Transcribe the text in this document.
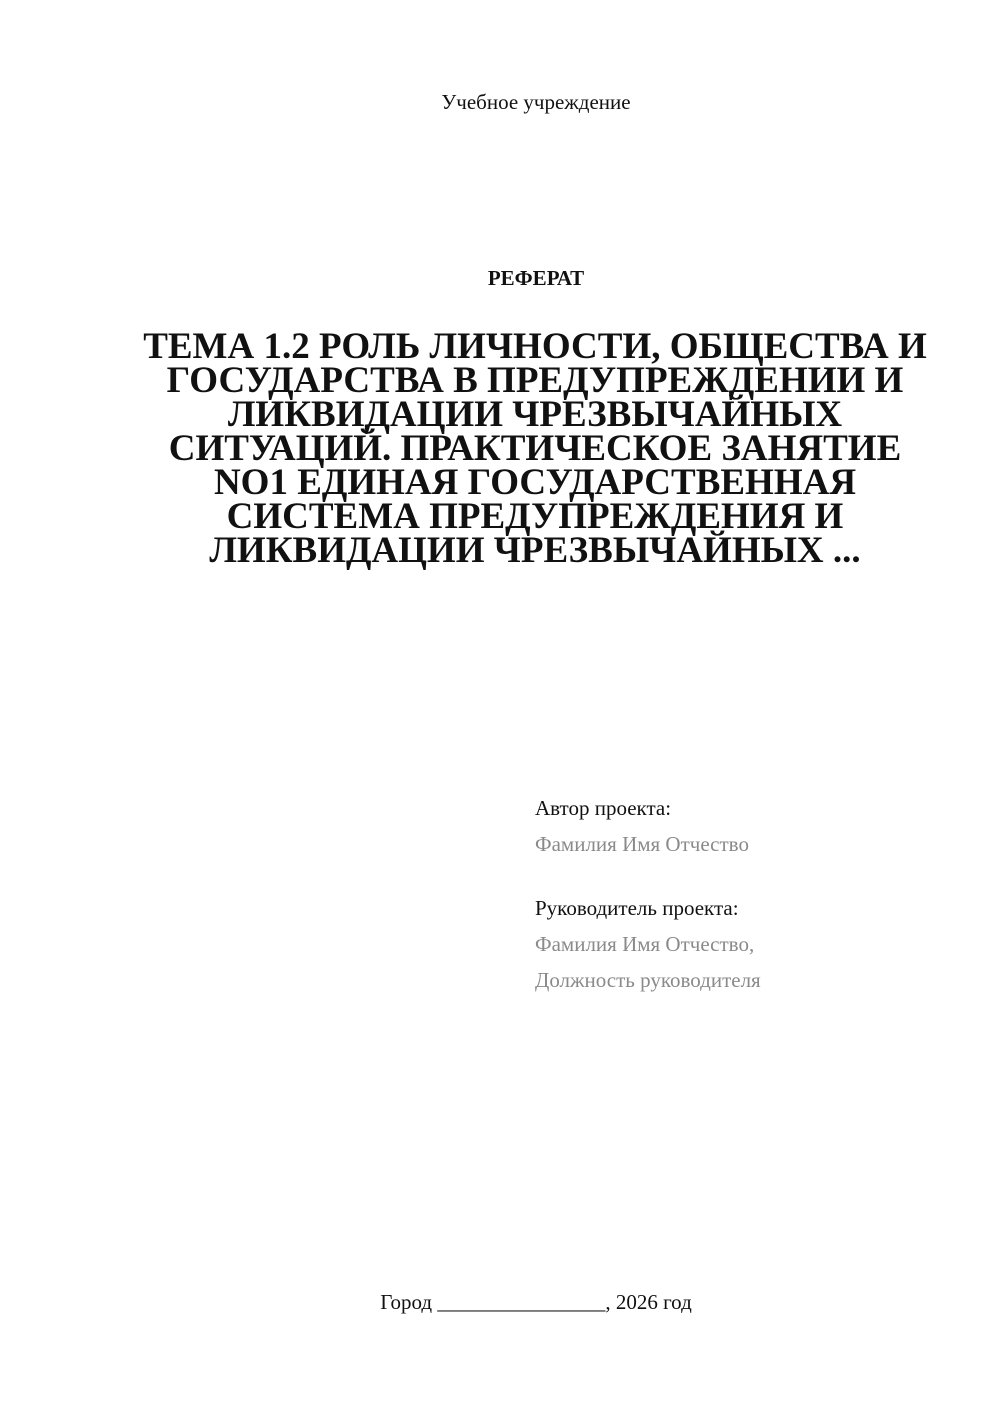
Учебное учреждение
РЕФЕРАТ
ТЕМА 1.2 РОЛЬ ЛИЧНОСТИ, ОБЩЕСТВА И ГОСУДАРСТВА В ПРЕДУПРЕЖДЕНИИ И ЛИКВИДАЦИИ ЧРЕЗВЫЧАЙНЫХ СИТУАЦИЙ. ПРАКТИЧЕСКОЕ ЗАНЯТИЕ NO1 ЕДИНАЯ ГОСУДАРСТВЕННАЯ СИСТЕМА ПРЕДУПРЕЖДЕНИЯ И ЛИКВИДАЦИИ ЧРЕЗВЫЧАЙНЫХ ...
Автор проекта:
Фамилия Имя Отчество
Руководитель проекта:
Фамилия Имя Отчество,
Должность руководителя
Город ________________, 2026 год
